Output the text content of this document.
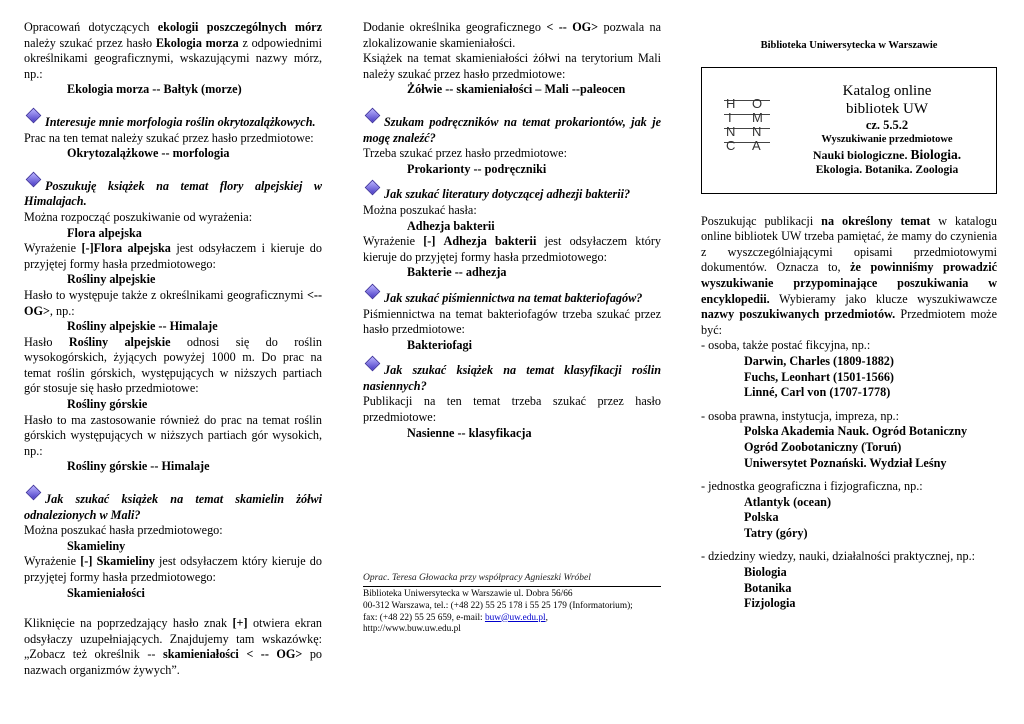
Opracowań dotyczących ekologii poszczególnych mórz należy szukać przez hasło Ekologia morza z odpowiednimi określnikami geograficznymi, wskazującymi nazwy mórz, np.:

Ekologia morza -- Bałtyk (morze)

Interesuje mnie morfologia roślin okrytozalążkowych.

Prac na ten temat należy szukać przez hasło przedmiotowe:

Okrytozalążkowe -- morfologia

Poszukuję książek na temat flory alpejskiej w Himalajach.

Można rozpocząć poszukiwanie od wyrażenia:

Flora alpejska

Wyrażenie [-]Flora alpejska jest odsyłaczem i kieruje do przyjętej formy hasła przedmiotowego:

Rośliny alpejskie

Hasło to występuje także z określnikami geograficznymi <-- OG>, np.:

Rośliny alpejskie -- Himalaje

Hasło Rośliny alpejskie odnosi się do roślin wysokogórskich, żyjących powyżej 1000 m. Do prac na temat roślin górskich, występujących w niższych partiach gór stosuje się hasło przedmiotowe:

Rośliny górskie

Hasło to ma zastosowanie również do prac na temat roślin górskich występujących w niższych partiach gór wysokich, np.:

Rośliny górskie -- Himalaje

Jak szukać książek na temat skamielin żółwi odnalezionych w Mali?

Można poszukać hasła przedmiotowego:

Skamieliny

Wyrażenie [-] Skamieliny jest odsyłaczem który kieruje do przyjętej formy hasła przedmiotowego:

Skamieniałości

Kliknięcie na poprzedzający hasło znak [+] otwiera ekran odsyłaczy uzupełniających. Znajdujemy tam wskazówkę: „Zobacz też określnik -- skamieniałości < -- OG> po nazwach organizmów żywych”.

Dodanie określnika geograficznego < -- OG> pozwala na zlokalizowanie skamieniałości.

Książek na temat skamieniałości żółwi na terytorium Mali należy szukać przez hasło przedmiotowe:

Żółwie -- skamieniałości – Mali --paleocen

Szukam podręczników na temat prokariontów, jak je mogę znaleźć?

Trzeba szukać przez hasło przedmiotowe:

Prokarionty -- podręczniki

Jak szukać literatury dotyczącej adhezji bakterii?

Można poszukać hasła:

Adhezja bakterii

Wyrażenie [-] Adhezja bakterii jest odsyłaczem który kieruje do przyjętej formy hasła przedmiotowego:

Bakterie -- adhezja

Jak szukać piśmiennictwa na temat bakteriofagów?

Piśmiennictwa na temat bakteriofagów trzeba szukać przez hasło przedmiotowe:

Bakteriofagi

Jak szukać książek na temat klasyfikacji roślin nasiennych?

Publikacji na ten temat trzeba szukać przez hasło przedmiotowe:

Nasienne -- klasyfikacja

Oprac. Teresa Głowacka przy współpracy Agnieszki Wróbel

Biblioteka Uniwersytecka w Warszawie ul. Dobra 56/66

00-312 Warszawa, tel.: (+48 22) 55 25 178 i 55 25 179 (Informatorium);

fax: (+48 22) 55 25 659, e-mail: buw@uw.edu.pl,

http://www.buw.uw.edu.pl

Biblioteka Uniwersytecka w Warszawie

H O
I M
N N
C A
Katalog online
bibliotek UW
cz. 5.5.2
Wyszukiwanie przedmiotowe
Nauki biologiczne. Biologia.
Ekologia. Botanika. Zoologia

Poszukując publikacji na określony temat w katalogu online bibliotek UW trzeba pamiętać, że mamy do czynienia z wyszczególniającymi opisami przedmiotowymi dokumentów. Oznacza to, że powinniśmy prowadzić wyszukiwanie przypominające poszukiwania w encyklopedii. Wybieramy jako klucze wyszukiwawcze nazwy poszukiwanych przedmiotów. Przedmiotem może być:

- osoba, także postać fikcyjna, np.:

Darwin, Charles (1809-1882)

Fuchs, Leonhart (1501-1566)

Linné, Carl von (1707-1778)

- osoba prawna, instytucja, impreza, np.:

Polska Akademia Nauk. Ogród Botaniczny

Ogród Zoobotaniczny (Toruń)

Uniwersytet Poznański. Wydział Leśny

- jednostka geograficzna i fizjograficzna, np.:

Atlantyk (ocean)

Polska

Tatry (góry)

- dziedziny wiedzy, nauki, działalności praktycznej, np.:

Biologia

Botanika

Fizjologia
